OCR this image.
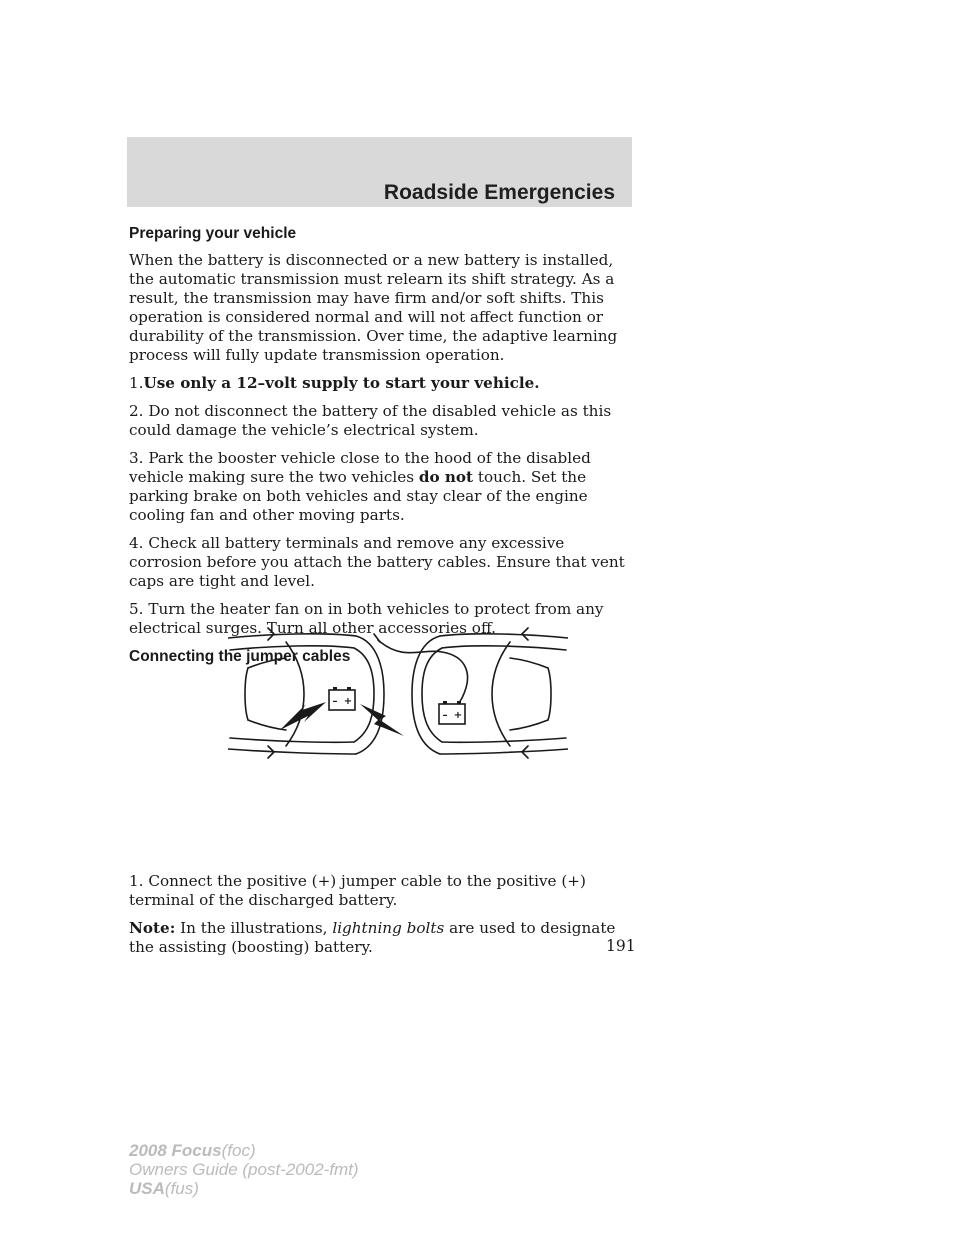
Roadside Emergencies
Preparing your vehicle

When the battery is disconnected or a new battery is installed, the automatic transmission must relearn its shift strategy. As a result, the transmission may have firm and/or soft shifts. This operation is considered normal and will not affect function or durability of the transmission. Over time, the adaptive learning process will fully update transmission operation.

1.Use only a 12–volt supply to start your vehicle.

2. Do not disconnect the battery of the disabled vehicle as this could damage the vehicle’s electrical system.

3. Park the booster vehicle close to the hood of the disabled vehicle making sure the two vehicles do not touch. Set the parking brake on both vehicles and stay clear of the engine cooling fan and other moving parts.

4. Check all battery terminals and remove any excessive corrosion before you attach the battery cables. Ensure that vent caps are tight and level.

5. Turn the heater fan on in both vehicles to protect from any electrical surges. Turn all other accessories off.

Connecting the jumper cables

1. Connect the positive (+) jumper cable to the positive (+) terminal of the discharged battery.

Note: In the illustrations, lightning bolts are used to designate the assisting (boosting) battery.

– +
– +
191
2008 Focus(foc)
Owners Guide (post-2002-fmt)
USA(fus)
